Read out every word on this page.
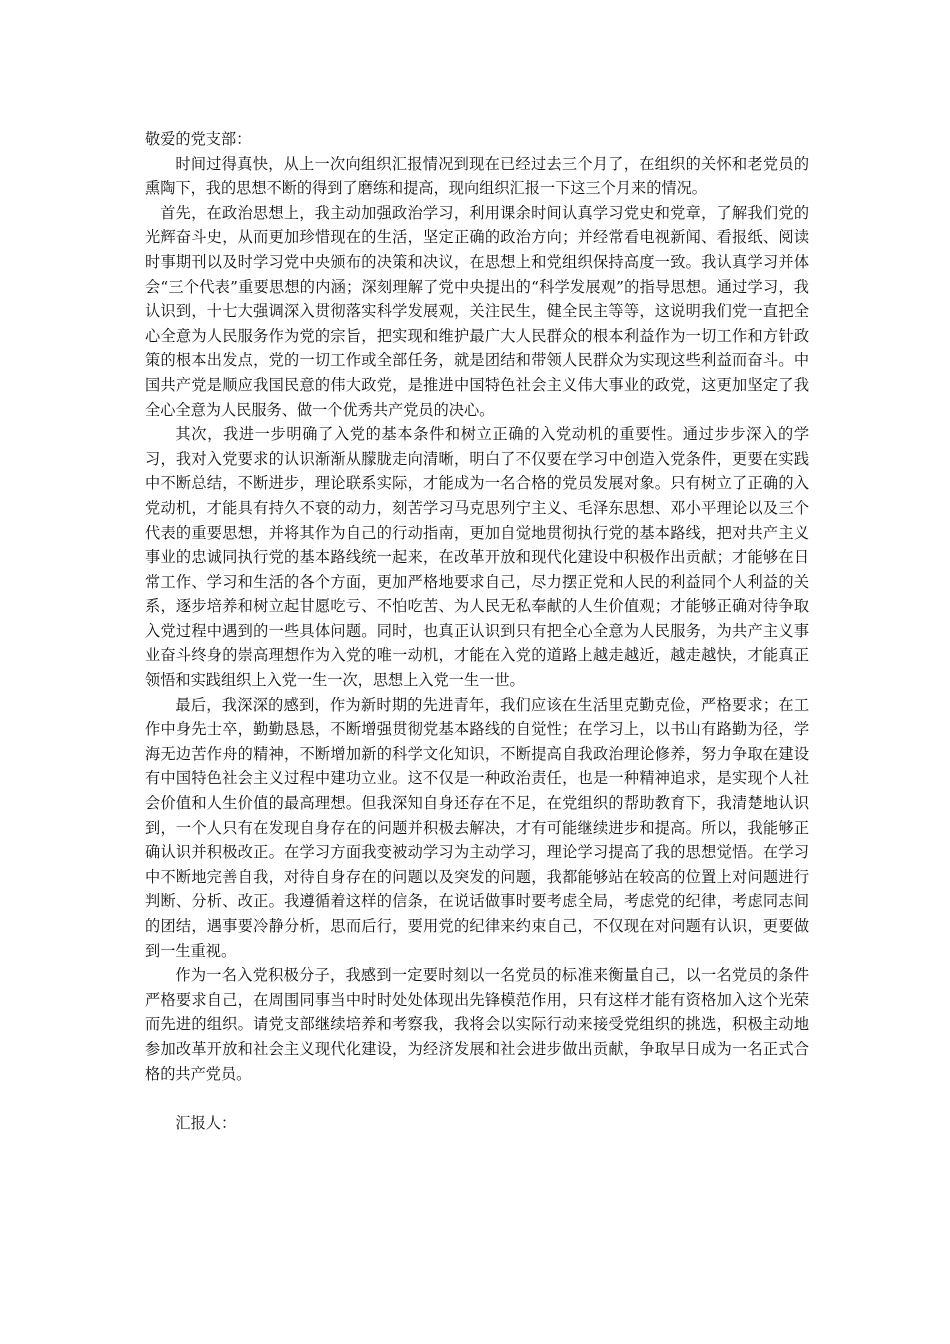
敬爱的党支部：

时间过得真快，从上一次向组织汇报情况到现在已经过去三个月了，在组织的关怀和老党员的熏陶下，我的思想不断的得到了磨练和提高，现向组织汇报一下这三个月来的情况。

首先，在政治思想上，我主动加强政治学习，利用课余时间认真学习党史和党章，了解我们党的光辉奋斗史，从而更加珍惜现在的生活，坚定正确的政治方向；并经常看电视新闻、看报纸、阅读时事期刊以及时学习党中央颁布的决策和决议，在思想上和党组织保持高度一致。我认真学习并体会“三个代表”重要思想的内涵；深刻理解了党中央提出的“科学发展观”的指导思想。通过学习，我认识到，十七大强调深入贯彻落实科学发展观，关注民生，健全民主等等，这说明我们党一直把全心全意为人民服务作为党的宗旨，把实现和维护最广大人民群众的根本利益作为一切工作和方针政策的根本出发点，党的一切工作或全部任务，就是团结和带领人民群众为实现这些利益而奋斗。中国共产党是顺应我国民意的伟大政党，是推进中国特色社会主义伟大事业的政党，这更加坚定了我全心全意为人民服务、做一个优秀共产党员的决心。

其次，我进一步明确了入党的基本条件和树立正确的入党动机的重要性。通过步步深入的学习，我对入党要求的认识渐渐从朦胧走向清晰，明白了不仅要在学习中创造入党条件，更要在实践中不断总结，不断进步，理论联系实际，才能成为一名合格的党员发展对象。只有树立了正确的入党动机，才能具有持久不衰的动力，刻苦学习马克思列宁主义、毛泽东思想、邓小平理论以及三个代表的重要思想，并将其作为自己的行动指南，更加自觉地贯彻执行党的基本路线，把对共产主义事业的忠诚同执行党的基本路线统一起来，在改革开放和现代化建设中积极作出贡献；才能够在日常工作、学习和生活的各个方面，更加严格地要求自己，尽力摆正党和人民的利益同个人利益的关系，逐步培养和树立起甘愿吃亏、不怕吃苦、为人民无私奉献的人生价值观；才能够正确对待争取入党过程中遇到的一些具体问题。同时，也真正认识到只有把全心全意为人民服务，为共产主义事业奋斗终身的崇高理想作为入党的唯一动机，才能在入党的道路上越走越近，越走越快，才能真正领悟和实践组织上入党一生一次，思想上入党一生一世。

最后，我深深的感到，作为新时期的先进青年，我们应该在生活里克勤克俭，严格要求；在工作中身先士卒，勤勤恳恳，不断增强贯彻党基本路线的自觉性；在学习上，以书山有路勤为径，学海无边苦作舟的精神，不断增加新的科学文化知识，不断提高自我政治理论修养，努力争取在建设有中国特色社会主义过程中建功立业。这不仅是一种政治责任，也是一种精神追求，是实现个人社会价值和人生价值的最高理想。但我深知自身还存在不足，在党组织的帮助教育下，我清楚地认识到，一个人只有在发现自身存在的问题并积极去解决，才有可能继续进步和提高。所以，我能够正确认识并积极改正。在学习方面我变被动学习为主动学习，理论学习提高了我的思想觉悟。在学习中不断地完善自我，对待自身存在的问题以及突发的问题，我都能够站在较高的位置上对问题进行判断、分析、改正。我遵循着这样的信条，在说话做事时要考虑全局，考虑党的纪律，考虑同志间的团结，遇事要冷静分析，思而后行，要用党的纪律来约束自己，不仅现在对问题有认识，更要做到一生重视。

作为一名入党积极分子，我感到一定要时刻以一名党员的标准来衡量自己，以一名党员的条件严格要求自己，在周围同事当中时时处处体现出先锋模范作用，只有这样才能有资格加入这个光荣而先进的组织。请党支部继续培养和考察我，我将会以实际行动来接受党组织的挑选，积极主动地参加改革开放和社会主义现代化建设，为经济发展和社会进步做出贡献，争取早日成为一名正式合格的共产党员。

汇报人：
